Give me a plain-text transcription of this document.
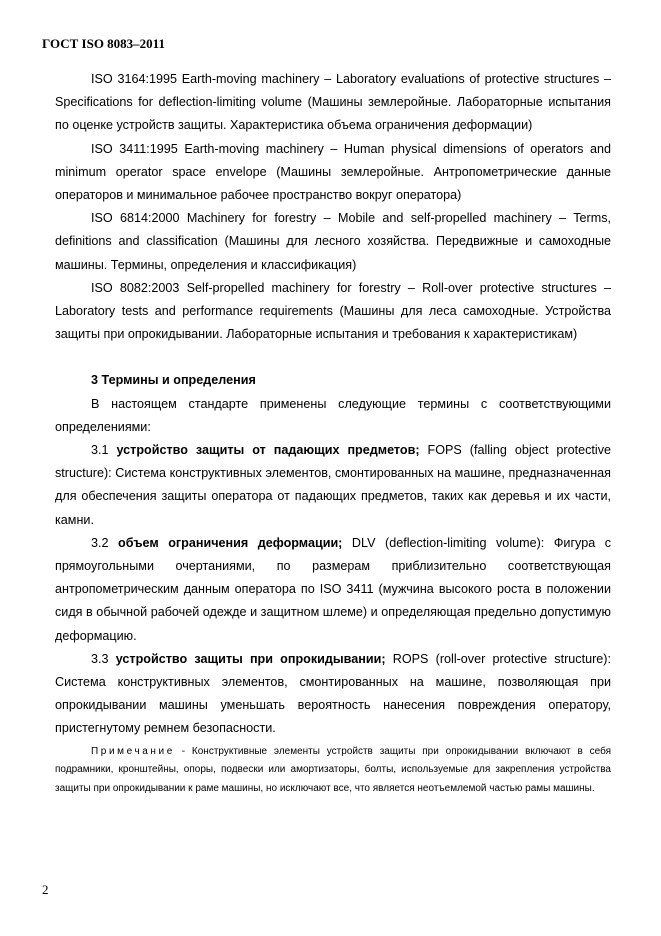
ГОСТ ISO 8083–2011

ISO 3164:1995 Earth-moving machinery – Laboratory evaluations of protective structures – Specifications for deflection-limiting volume (Машины землеройные. Лабораторные испытания по оценке устройств защиты. Характеристика объема ограничения деформации)

ISO 3411:1995 Earth-moving machinery – Human physical dimensions of operators and minimum operator space envelope (Машины землеройные. Антропометрические данные операторов и минимальное рабочее пространство вокруг оператора)

ISO 6814:2000 Machinery for forestry – Mobile and self-propelled machinery – Terms, definitions and classification (Машины для лесного хозяйства. Передвижные и самоходные машины. Термины, определения и классификация)

ISO 8082:2003 Self-propelled machinery for forestry – Roll-over protective structures – Laboratory tests and performance requirements (Машины для леса самоходные. Устройства защиты при опрокидывании. Лабораторные испытания и требования к характеристикам)

3 Термины и определения

В настоящем стандарте применены следующие термины с соответствующими определениями:

3.1 устройство защиты от падающих предметов; FOPS (falling object protective structure): Система конструктивных элементов, смонтированных на машине, предназначенная для обеспечения защиты оператора от падающих предметов, таких как деревья и их части, камни.

3.2 объем ограничения деформации; DLV (deflection-limiting volume): Фигура с прямоугольными очертаниями, по размерам приблизительно соответствующая антропометрическим данным оператора по ISO 3411 (мужчина высокого роста в положении сидя в обычной рабочей одежде и защитном шлеме) и определяющая предельно допустимую деформацию.

3.3 устройство защиты при опрокидывании; ROPS (roll-over protective structure): Система конструктивных элементов, смонтированных на машине, позволяющая при опрокидывании машины уменьшать вероятность нанесения повреждения оператору, пристегнутому ремнем безопасности.

Примечание - Конструктивные элементы устройств защиты при опрокидывании включают в себя подрамники, кронштейны, опоры, подвески или амортизаторы, болты, используемые для закрепления устройства защиты при опрокидывании к раме машины, но исключают все, что является неотъемлемой частью рамы машины.

2
